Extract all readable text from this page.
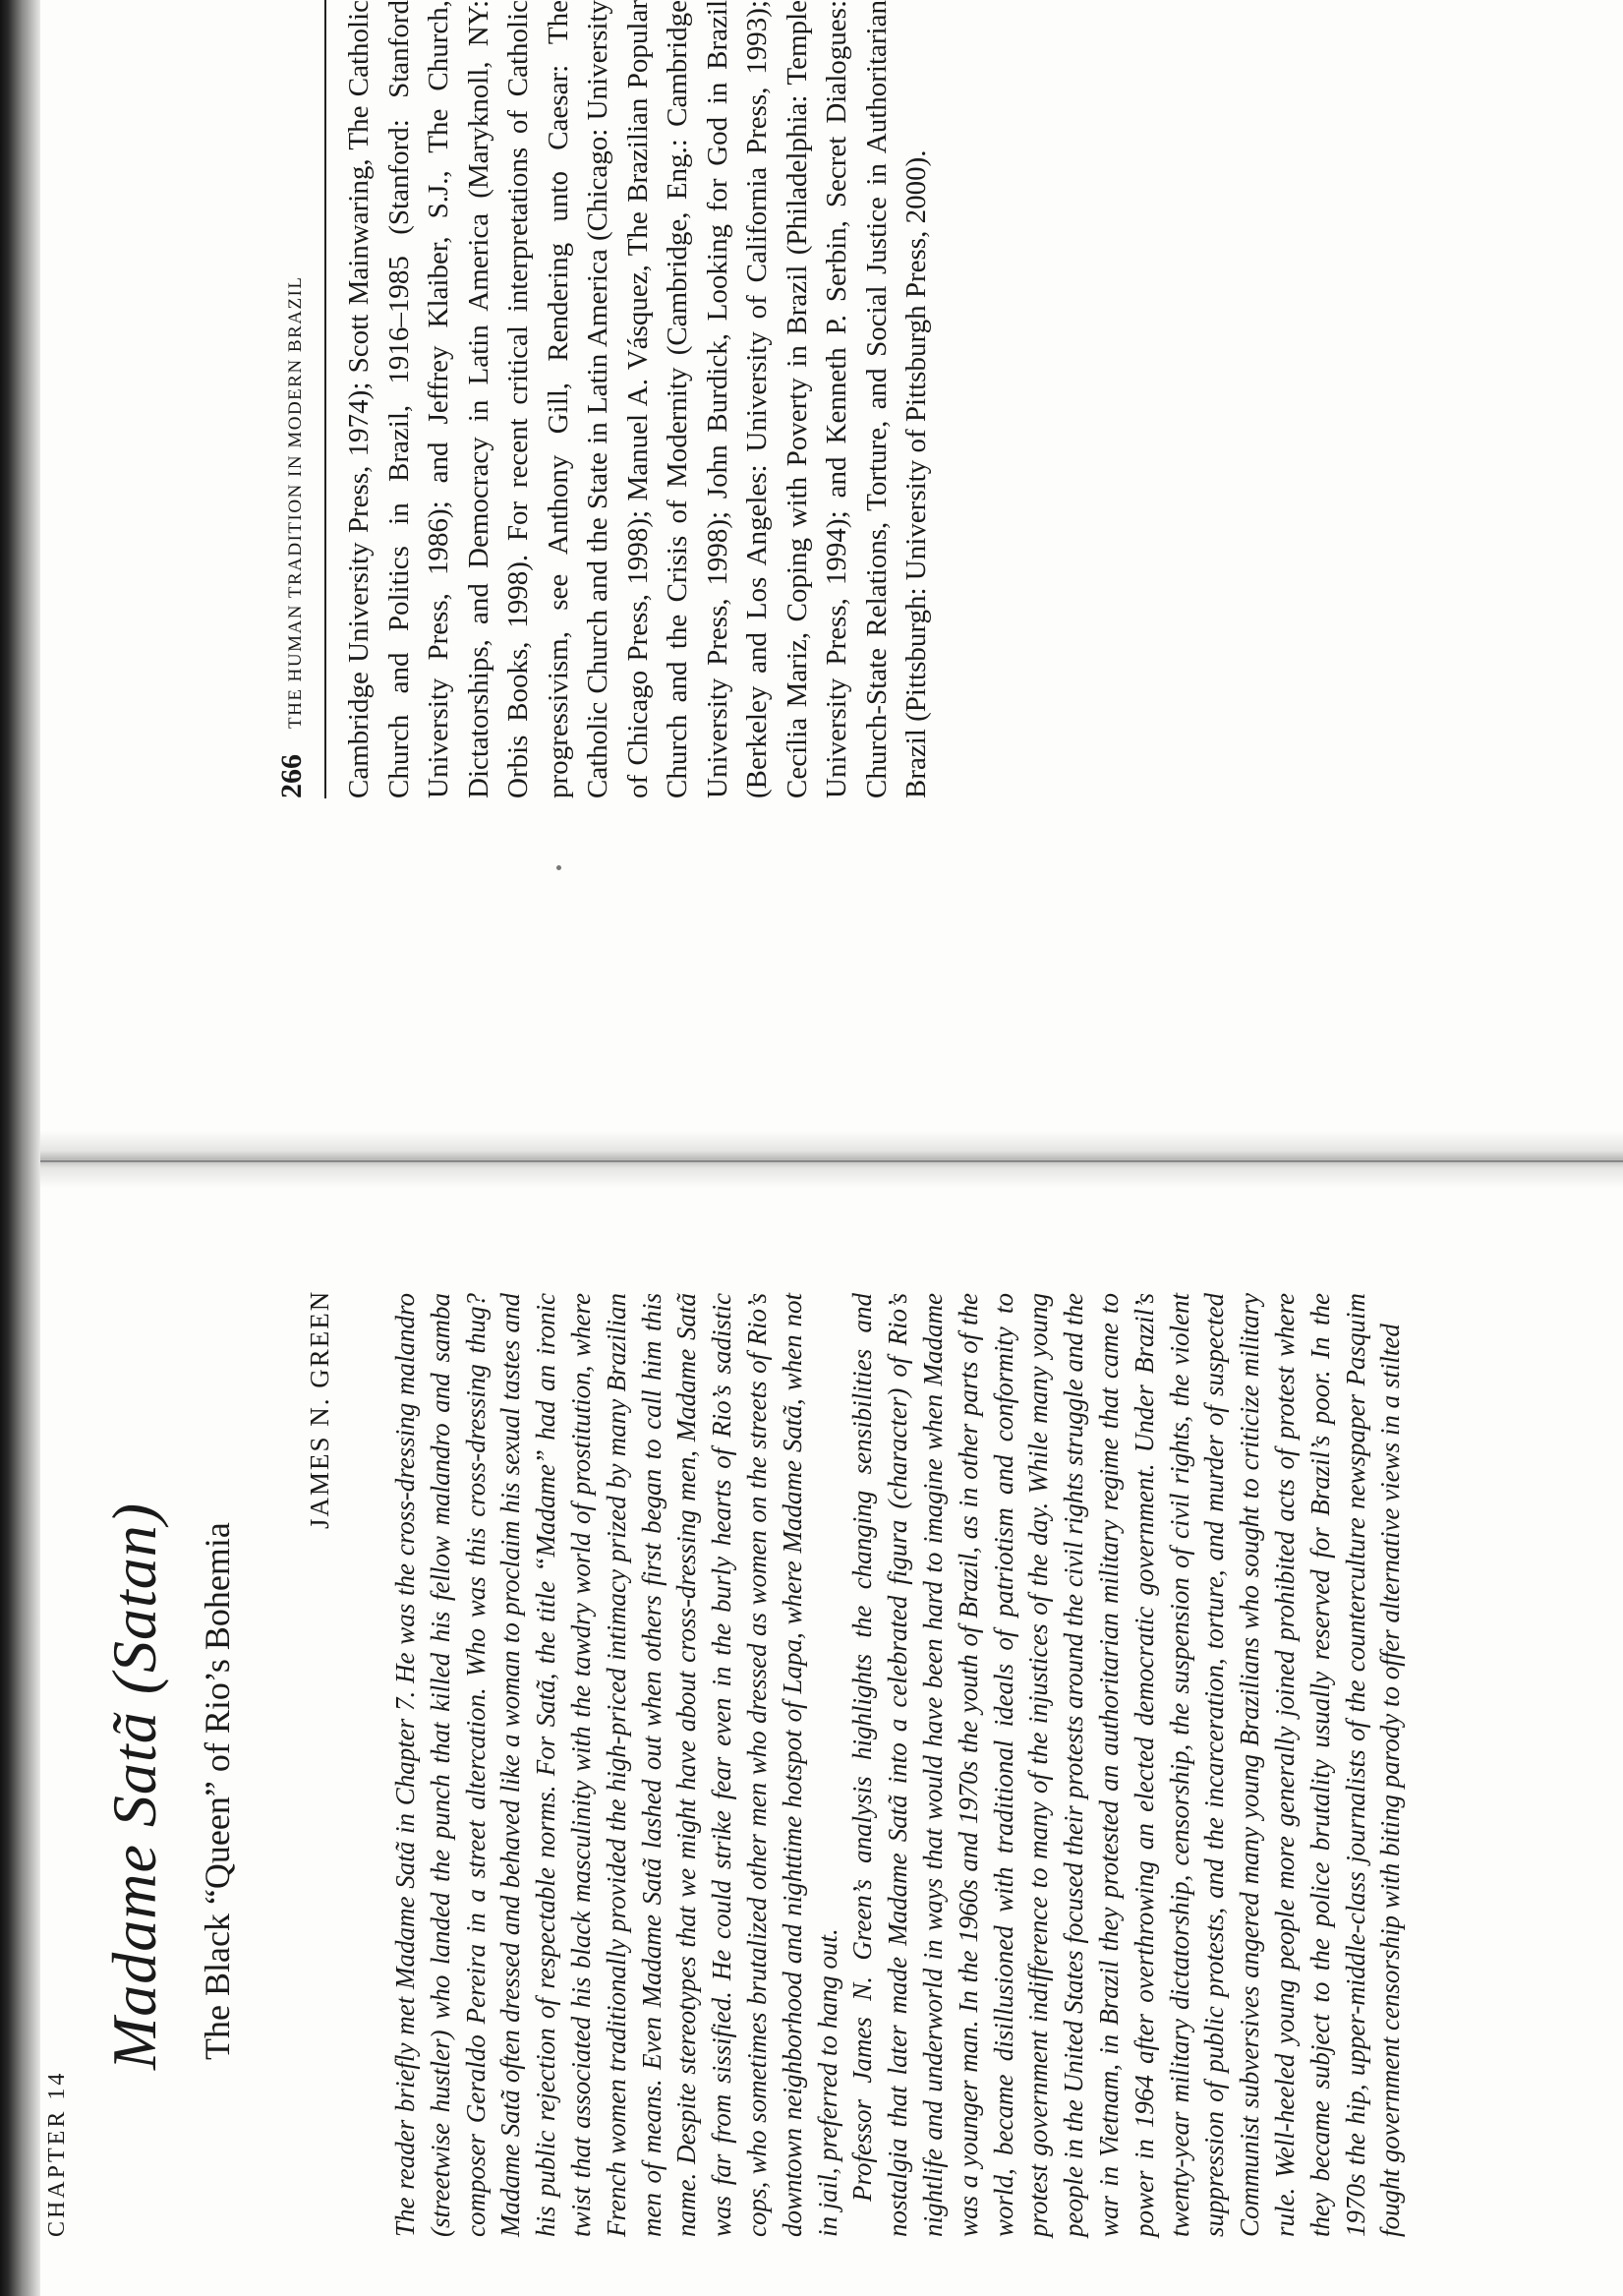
266
THE HUMAN TRADITION IN MODERN BRAZIL Cambridge University Press, 1974); Scott Mainwaring, The Catholic Church and Politics in Brazil, 1916–1985 (Stanford: Stanford University Press, 1986); and Jeffrey Klaiber, S.J., The Church, Dictatorships, and Democracy in Latin America (Maryknoll, NY: Orbis Books, 1998). For recent critical interpretations of Catholic progressivism, see Anthony Gill, Rendering unto Caesar: The Catholic Church and the State in Latin America (Chicago: University of Chicago Press, 1998); Manuel A. Vásquez, The Brazilian Popular Church and the Crisis of Modernity (Cambridge, Eng.: Cambridge University Press, 1998); John Burdick, Looking for God in Brazil (Berkeley and Los Angeles: University of California Press, 1993); Cecília Mariz, Coping with Poverty in Brazil (Philadelphia: Temple University Press, 1994); and Kenneth P. Serbin, Secret Dialogues: Church-State Relations, Torture, and Social Justice in Authoritarian Brazil (Pittsburgh: University of Pittsburgh Press, 2000).
CHAPTER 14
Madame Satã (Satan) The Black “Queen” of Rio’s Bohemia
JAMES N. GREEN The reader briefly met Madame Satã in Chapter 7. He was the cross-dressing malandro (streetwise hustler) who landed the punch that killed his fellow malandro and samba composer Geraldo Pereira in a street altercation. Who was this cross-dressing thug? Madame Satã often dressed and behaved like a woman to proclaim his sexual tastes and his public rejection of respectable norms. For Satã, the title “Madame” had an ironic twist that associated his black masculinity with the tawdry world of prostitution, where French women traditionally provided the high-priced intimacy prized by many Brazilian men of means. Even Madame Satã lashed out when others first began to call him this name. Despite stereotypes that we might have about cross-dressing men, Madame Satã was far from sissified. He could strike fear even in the burly hearts of Rio’s sadistic cops, who sometimes brutalized other men who dressed as women on the streets of Rio’s downtown neighborhood and nighttime hotspot of Lapa, where Madame Satã, when not in jail, preferred to hang out. Professor James N. Green’s analysis highlights the changing sensibilities and nostalgia that later made Madame Satã into a celebrated figura (character) of Rio’s nightlife and underworld in ways that would have been hard to imagine when Madame was a younger man. In the 1960s and 1970s the youth of Brazil, as in other parts of the world, became disillusioned with traditional ideals of patriotism and conformity to protest government indifference to many of the injustices of the day. While many young people in the United States focused their protests around the civil rights struggle and the war in Vietnam, in Brazil they protested an authoritarian military regime that came to power in 1964 after overthrowing an elected democratic government. Under Brazil’s twenty-year military dictatorship, censorship, the suspension of civil rights, the violent suppression of public protests, and the incarceration, torture, and murder of suspected Communist subversives angered many young Brazilians who sought to criticize military rule. Well-heeled young people more generally joined prohibited acts of protest where they became subject to the police brutality usually reserved for Brazil’s poor. In the 1970s the hip, upper-middle-class journalists of the counterculture newspaper Pasquim fought government censorship with biting parody to offer alternative views in a stilted
